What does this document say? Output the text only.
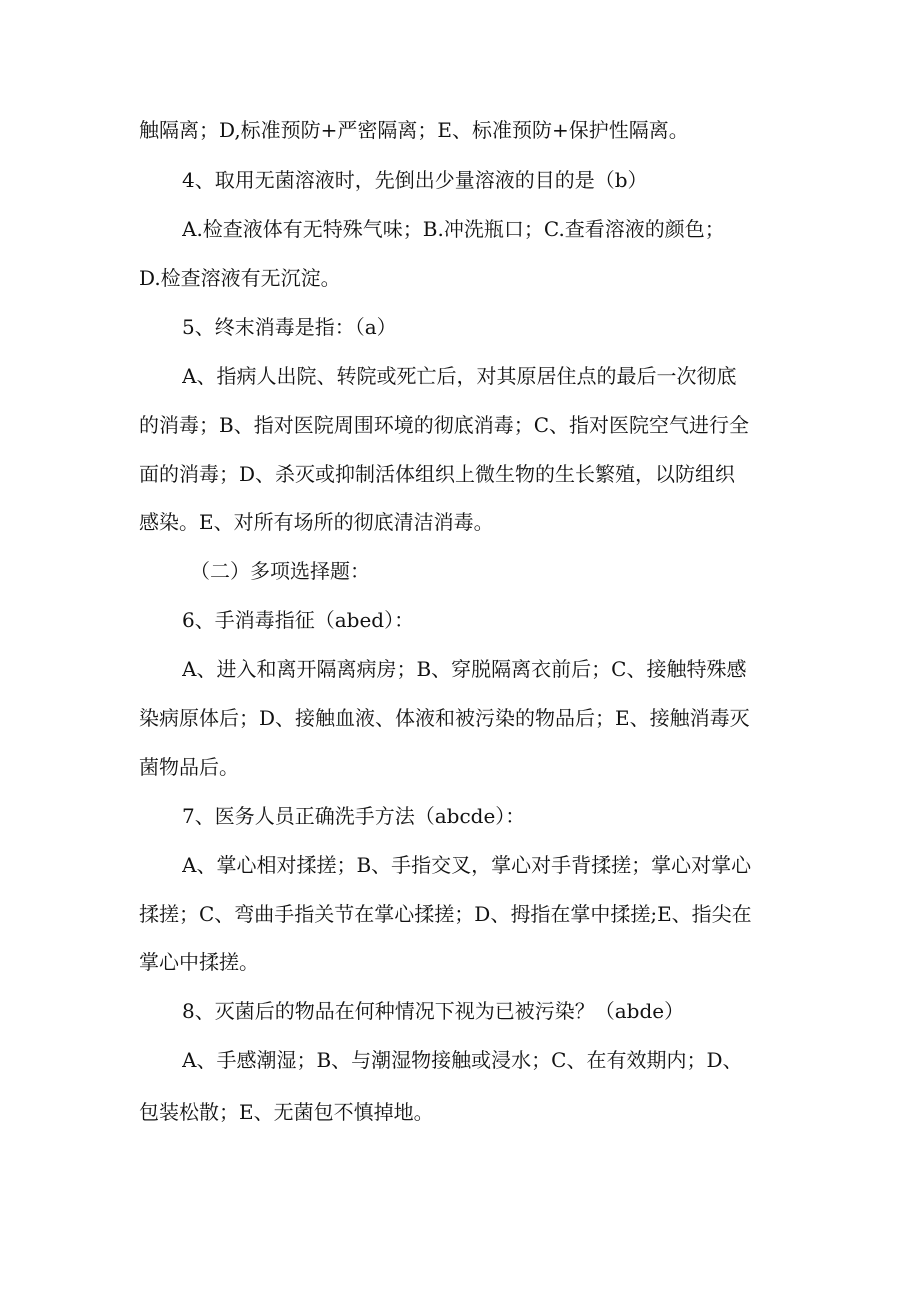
触隔离；D,标准预防+严密隔离；E、标准预防+保护性隔离。
4、取用无菌溶液时，先倒出少量溶液的目的是（b）
A.检查液体有无特殊气味；B.冲洗瓶口；C.查看溶液的颜色；
D.检查溶液有无沉淀。
5、终末消毒是指：（a）
A、指病人出院、转院或死亡后，对其原居住点的最后一次彻底
的消毒；B、指对医院周围环境的彻底消毒；C、指对医院空气进行全
面的消毒；D、杀灭或抑制活体组织上微生物的生长繁殖，以防组织
感染。E、对所有场所的彻底清洁消毒。
（二）多项选择题：
6、手消毒指征（abed）：
A、进入和离开隔离病房；B、穿脱隔离衣前后；C、接触特殊感
染病原体后；D、接触血液、体液和被污染的物品后；E、接触消毒灭
菌物品后。
7、医务人员正确洗手方法（abcde）：
A、掌心相对揉搓；B、手指交叉，掌心对手背揉搓；掌心对掌心
揉搓；C、弯曲手指关节在掌心揉搓；D、拇指在掌中揉搓;E、指尖在
掌心中揉搓。
8、灭菌后的物品在何种情况下视为已被污染？（abde）
A、手感潮湿；B、与潮湿物接触或浸水；C、在有效期内；D、
包装松散；E、无菌包不慎掉地。
